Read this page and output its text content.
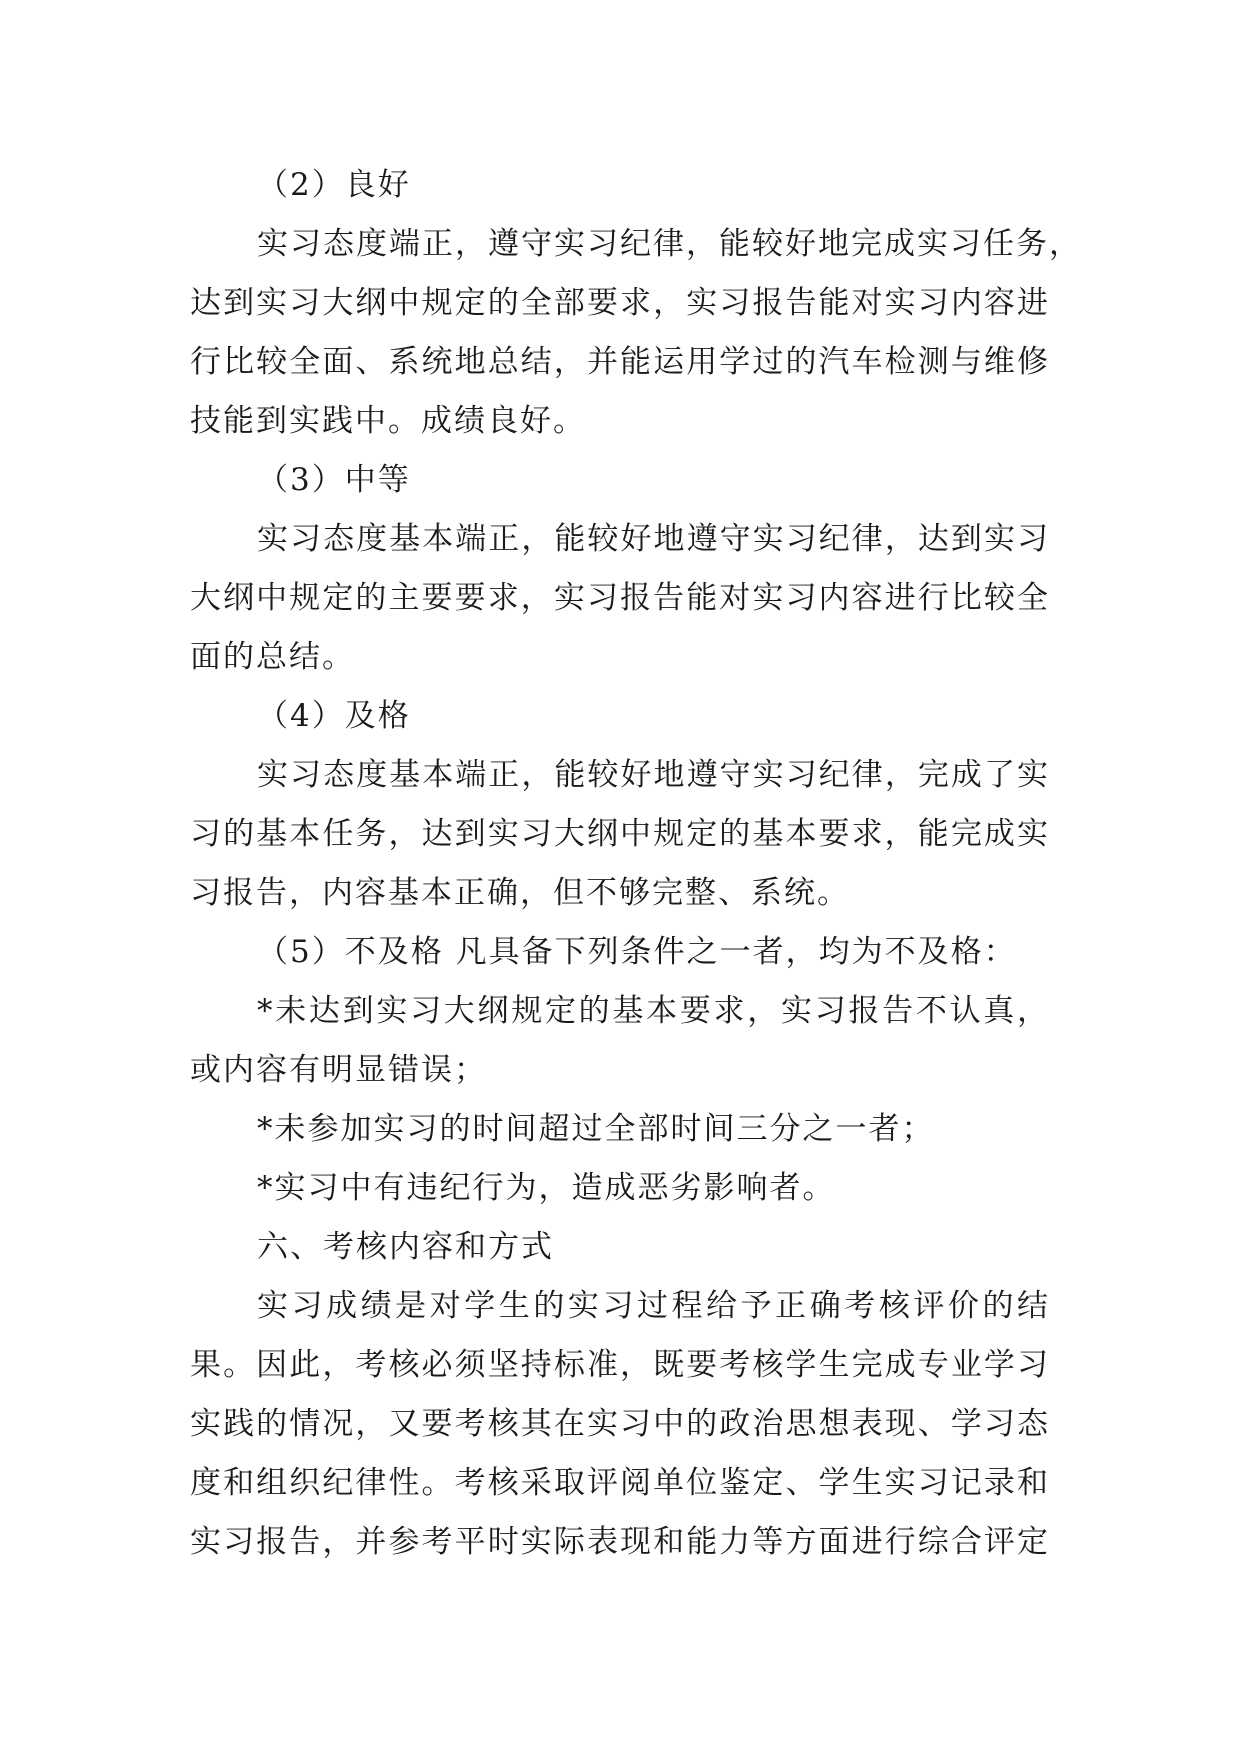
（2）良好
实习态度端正，遵守实习纪律，能较好地完成实习任务，
达到实习大纲中规定的全部要求，实习报告能对实习内容进
行比较全面、系统地总结，并能运用学过的汽车检测与维修
技能到实践中。成绩良好。
（3）中等
实习态度基本端正，能较好地遵守实习纪律，达到实习
大纲中规定的主要要求，实习报告能对实习内容进行比较全
面的总结。
（4）及格
实习态度基本端正，能较好地遵守实习纪律，完成了实
习的基本任务，达到实习大纲中规定的基本要求，能完成实
习报告，内容基本正确，但不够完整、系统。
（5）不及格 凡具备下列条件之一者，均为不及格：
*未达到实习大纲规定的基本要求，实习报告不认真，
或内容有明显错误；
*未参加实习的时间超过全部时间三分之一者；
*实习中有违纪行为，造成恶劣影响者。
六、考核内容和方式
实习成绩是对学生的实习过程给予正确考核评价的结
果。因此，考核必须坚持标准，既要考核学生完成专业学习
实践的情况，又要考核其在实习中的政治思想表现、学习态
度和组织纪律性。考核采取评阅单位鉴定、学生实习记录和
实习报告，并参考平时实际表现和能力等方面进行综合评定
